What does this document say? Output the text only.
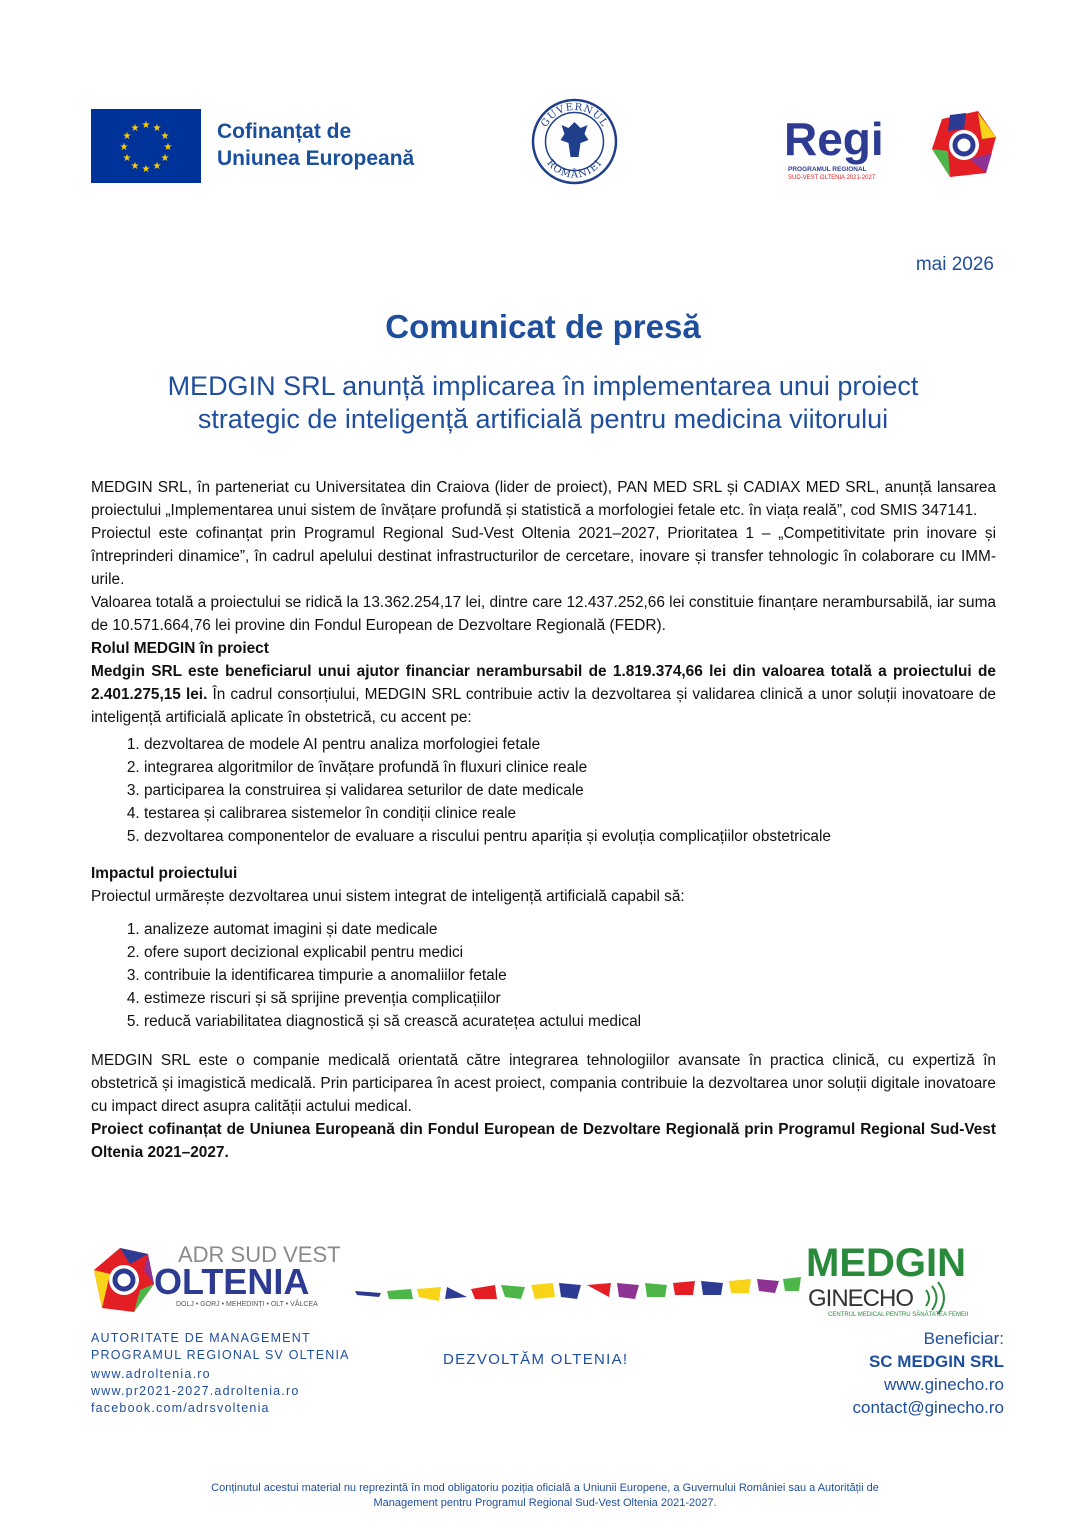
★ ★
★
★
★
★
★
★
★
★
★
★	Cofinanțat de
Uniunea Europeană
GUVERNUL
ROMÂNIEI	Regi
PROGRAMUL REGIONAL
SUD-VEST OLTENIA 2021-2027
mai 2026
Comunicat de presă
MEDGIN SRL anunță implicarea în implementarea unui proiect
strategic de inteligență artificială pentru medicina viitorului

MEDGIN SRL, în parteneriat cu Universitatea din Craiova (lider de proiect), PAN MED SRL și CADIAX MED SRL, anunță lansarea proiectului „Implementarea unui sistem de învățare profundă și statistică a morfologiei fetale etc. în viața reală”, cod SMIS 347141.

Proiectul este cofinanțat prin Programul Regional Sud-Vest Oltenia 2021–2027, Prioritatea 1 – „Competitivitate prin inovare și întreprinderi dinamice”, în cadrul apelului destinat infrastructurilor de cercetare, inovare și transfer tehnologic în colaborare cu IMM-urile.

Valoarea totală a proiectului se ridică la 13.362.254,17 lei, dintre care 12.437.252,66 lei constituie finanțare nerambursabilă, iar suma de 10.571.664,76 lei provine din Fondul European de Dezvoltare Regională (FEDR).

Rolul MEDGIN în proiect

Medgin SRL este beneficiarul unui ajutor financiar nerambursabil de 1.819.374,66 lei din valoarea totală a proiectului de 2.401.275,15 lei. În cadrul consorțiului, MEDGIN SRL contribuie activ la dezvoltarea și validarea clinică a unor soluții inovatoare de inteligență artificială aplicate în obstetrică, cu accent pe:

1. dezvoltarea de modele AI pentru analiza morfologiei fetale
2. integrarea algoritmilor de învățare profundă în fluxuri clinice reale
3. participarea la construirea și validarea seturilor de date medicale
4. testarea și calibrarea sistemelor în condiții clinice reale
5. dezvoltarea componentelor de evaluare a riscului pentru apariția și evoluția complicațiilor obstetricale

Impactul proiectului

Proiectul urmărește dezvoltarea unui sistem integrat de inteligență artificială capabil să:

1. analizeze automat imagini și date medicale
2. ofere suport decizional explicabil pentru medici
3. contribuie la identificarea timpurie a anomaliilor fetale
4. estimeze riscuri și să sprijine prevenția complicațiilor
5. reducă variabilitatea diagnostică și să crească acuratețea actului medical

MEDGIN SRL este o companie medicală orientată către integrarea tehnologiilor avansate în practica clinică, cu expertiză în obstetrică și imagistică medicală. Prin participarea în acest proiect, compania contribuie la dezvoltarea unor soluții digitale inovatoare cu impact direct asupra calității actului medical.

Proiect cofinanțat de Uniunea Europeană din Fondul European de Dezvoltare Regională prin Programul Regional Sud-Vest Oltenia 2021–2027.

ADR SUD VEST
OLTENIA
DOLJ • GORJ • MEHEDINȚI • OLT • VÂLCEA
MEDGIN
GINECHO
CENTRUL MEDICAL PENTRU SĂNĂTATEA FEMEII
AUTORITATE DE MANAGEMENT
PROGRAMUL REGIONAL SV OLTENIA
www.adroltenia.ro
www.pr2021-2027.adroltenia.ro
facebook.com/adrsvoltenia
DEZVOLTĂM OLTENIA!
Beneficiar:
SC MEDGIN SRL
www.ginecho.ro
contact@ginecho.ro
Conținutul acestui material nu reprezintă în mod obligatoriu poziția oficială a Uniunii Europene, a Guvernului României sau a Autorității de Management pentru Programul Regional Sud-Vest Oltenia 2021-2027.
